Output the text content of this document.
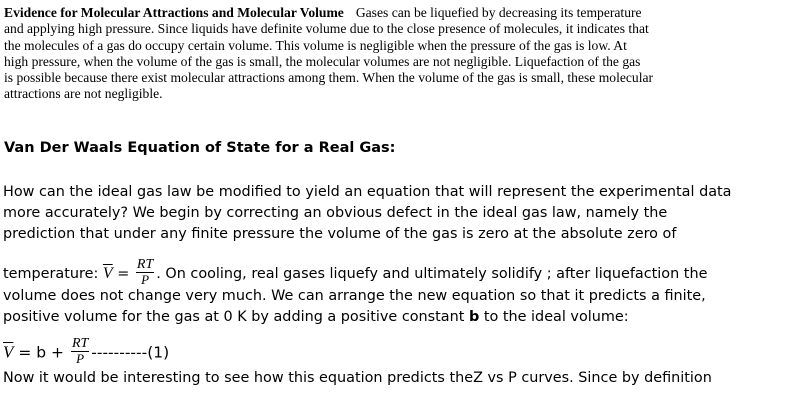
Evidence for Molecular Attractions and Molecular Volume Gases can be liquefied by decreasing its temperature
and applying high pressure. Since liquids have definite volume due to the close presence of molecules, it indicates that
the molecules of a gas do occupy certain volume. This volume is negligible when the pressure of the gas is low. At
high pressure, when the volume of the gas is small, the molecular volumes are not negligible. Liquefaction of the gas
is possible because there exist molecular attractions among them. When the volume of the gas is small, these molecular
attractions are not negligible.
Van Der Waals Equation of State for a Real Gas:
How can the ideal gas law be modified to yield an equation that will represent the experimental data
more accurately? We begin by correcting an obvious defect in the ideal gas law, namely the
prediction that under any finite pressure the volume of the gas is zero at the absolute zero of
temperature: $\overline{V} = \frac{RT}{P}$ . On cooling, real gases liquefy and ultimately solidify ; after liquefaction the
volume does not change very much. We can arrange the new equation so that it predicts a finite,
positive volume for the gas at 0 K by adding a positive constant b to the ideal volume:
$\overline{V} = b + \frac{RT}{P} ----------(1)$
Now it would be interesting to see how this equation predicts theZ vs P curves. Since by definition
